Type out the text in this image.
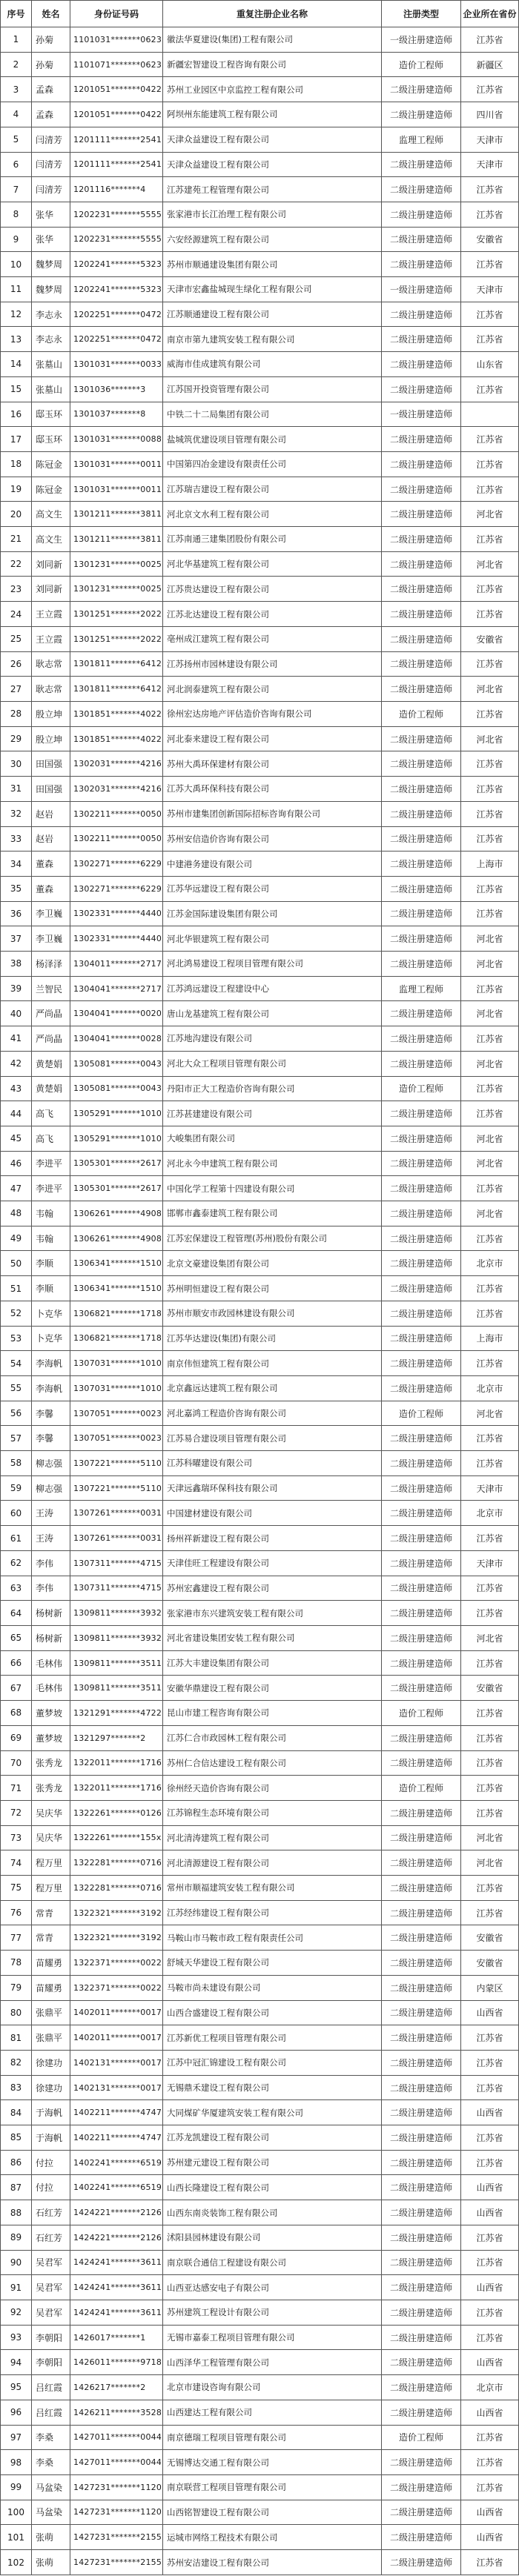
序号	姓名	身份证号码	重复注册企业名称	注册类型	企业所在省份
1	孙菊	1101031*******0623	徽法华夏建设(集团)工程有限公司	一级注册建造师	江苏省
2	孙菊	1101071*******0623	新疆宏智建设工程咨询有限公司	造价工程师	新疆区
3	孟森	1201051*******0422	苏州工业园区中京监控工程有限公司	二级注册建造师	江苏省
4	孟森	1201051*******0422	阿坝州东能建筑工程有限公司	二级注册建造师	四川省
5	闫清芳	1201111*******2541	天津众益建设工程有限公司	监理工程师	天津市
6	闫清芳	1201111*******2541	天津众益建设工程有限公司	二级注册建造师	天津市
7	闫清芳	1201116*******4	江苏建苑工程管理有限公司	二级注册建造师	江苏省
8	张华	1202231*******5555	张家港市长江治理工程有限公司	二级注册建造师	江苏省
9	张华	1202231*******5555	六安经源建筑工程有限公司	二级注册建造师	安徽省
10	魏梦周	1202241*******5323	苏州市顺通建设集团有限公司	二级注册建造师	江苏省
11	魏梦周	1202241*******5323	天津市宏鑫盐城现生绿化工程有限公司	一级注册建造师	天津市
12	李志永	1202251*******0472	江苏顺通建设工程有限公司	二级注册建造师	江苏省
13	李志永	1202251*******0472	南京市第九建筑安装工程有限公司	二级注册建造师	江苏省
14	张墓山	1301031*******0033	威海市佳成建筑有限公司	二级注册建造师	山东省
15	张墓山	1301036*******3	江苏国开投资管理有限公司	二级注册建造师	江苏省
16	邸玉环	1301037*******8	中铁二十二局集团有限公司	一级注册建造师	
17	邸玉环	1301031*******0088	盐城筑优建设项目管理有限公司	二级注册建造师	江苏省
18	陈冠金	1301031*******0011	中国第四冶金建设有限责任公司	二级注册建造师	江苏省
19	陈冠金	1301031*******0011	江苏瑞吉建设工程有限公司	二级注册建造师	江苏省
20	高文生	1301211*******3811	河北京文水利工程有限公司	二级注册建造师	河北省
21	高文生	1301211*******3811	江苏南通三建集团股份有限公司	二级注册建造师	江苏省
22	刘同新	1301231*******0025	河北华基建筑工程有限公司	二级注册建造师	河北省
23	刘同新	1301231*******0025	江苏贵达建设工程有限公司	二级注册建造师	江苏省
24	王立霞	1301251*******2022	江苏北达建设工程有限公司	二级注册建造师	江苏省
25	王立霞	1301251*******2022	亳州成江建筑工程有限公司	二级注册建造师	安徽省
26	耿志常	1301811*******6412	江苏扬州市园林建设有限公司	二级注册建造师	江苏省
27	耿志常	1301811*******6412	河北润泰建筑工程有限公司	二级注册建造师	河北省
28	殷立坤	1301851*******4022	徐州宏达房地产评估造价咨询有限公司	造价工程师	江苏省
29	殷立坤	1301851*******4022	河北泰来建设工程有限公司	二级注册建造师	河北省
30	田国强	1302031*******4216	苏州大禹环保建材有限公司	二级注册建造师	江苏省
31	田国强	1302031*******4216	江苏大禹环保科技有限公司	二级注册建造师	江苏省
32	赵岩	1302211*******0050	苏州市建集团创新国际招标咨询有限公司	二级注册建造师	江苏省
33	赵岩	1302211*******0050	苏州安信造价咨询有限公司	二级注册建造师	江苏省
34	董森	1302271*******6229	中建港务建设有限公司	二级注册建造师	上海市
35	董森	1302271*******6229	江苏华远建设工程有限公司	二级注册建造师	江苏省
36	李卫巍	1302331*******4440	江苏金国际建设集团有限公司	二级注册建造师	江苏省
37	李卫巍	1302331*******4440	河北华银建筑工程有限公司	二级注册建造师	河北省
38	杨泽泽	1304011*******2717	河北鸿易建设工程项目管理有限公司	二级注册建造师	河北省
39	兰智民	1304041*******2717	江苏鸿远建设工程建设中心	监理工程师	江苏省
40	严尚晶	1304041*******0020	唐山龙基建筑工程有限公司	二级注册建造师	河北省
41	严尚晶	1304041*******0028	江苏地沟建设有限公司	二级注册建造师	江苏省
42	黄楚娟	1305081*******0043	河北大众工程项目管理有限公司	二级注册建造师	河北省
43	黄楚娟	1305081*******0043	丹阳市正大工程造价咨询有限公司	造价工程师	江苏省
44	高飞	1305291*******1010	江苏甚建建设有限公司	二级注册建造师	江苏省
45	高飞	1305291*******1010	大峻集团有限公司	二级注册建造师	河北省
46	李进平	1305301*******2617	河北永今申建筑工程有限公司	二级注册建造师	河北省
47	李进平	1305301*******2617	中国化学工程第十四建设有限公司	二级注册建造师	江苏省
48	韦翰	1306261*******4908	邯郸市鑫泰建筑工程有限公司	二级注册建造师	河北省
49	韦翰	1306261*******4908	江苏宏保建设工程管理(苏州)股份有限公司	二级注册建造师	江苏省
50	李顺	1306341*******1510	北京文豪建设集团有限公司	二级注册建造师	北京市
51	李顺	1306341*******1510	苏州明恒建设工程有限公司	二级注册建造师	江苏省
52	卜克华	1306821*******1718	苏州市顺安市政园林建设有限公司	二级注册建造师	江苏省
53	卜克华	1306821*******1718	江苏华达建设(集团)有限公司	二级注册建造师	上海市
54	李海帆	1307031*******1010	南京伟恒建筑工程有限公司	二级注册建造师	江苏省
55	李海帆	1307031*******1010	北京鑫远达建筑工程有限公司	二级注册建造师	北京市
56	李馨	1307051*******0023	河北嘉鸿工程造价咨询有限公司	造价工程师	河北省
57	李馨	1307051*******0023	江苏易合建设项目管理有限公司	二级注册建造师	江苏省
58	柳志强	1307221*******5110	江苏科曜建设有限公司	二级注册建造师	江苏省
59	柳志强	1307221*******5110	天津远鑫瑞环保科技有限公司	二级注册建造师	天津市
60	王涛	1307261*******0031	中国建材建设有限公司	二级注册建造师	北京市
61	王涛	1307261*******0031	扬州祥新建设工程有限公司	二级注册建造师	江苏省
62	李伟	1307311*******4715	天津佳旺工程建设有限公司	二级注册建造师	天津市
63	李伟	1307311*******4715	苏州宏鑫建设工程有限公司	二级注册建造师	江苏省
64	杨树新	1309811*******3932	张家港市东兴建筑安装工程有限公司	二级注册建造师	江苏省
65	杨树新	1309811*******3932	河北省建设集团安装工程有限公司	二级注册建造师	河北省
66	毛林伟	1309811*******3511	江苏大丰建设集团有限公司	二级注册建造师	江苏省
67	毛林伟	1309811*******3511	安徽华鼎建设工程有限公司	二级注册建造师	安徽省
68	董梦坡	1321291*******4722	昆山市建工程咨询有限公司	造价工程师	江苏省
69	董梦坡	1321297*******2	江苏仁合市政园林工程有限公司	二级注册建造师	江苏省
70	张秀龙	1322011*******1716	苏州仁合信达建设工程有限公司	二级注册建造师	江苏省
71	张秀龙	1322011*******1716	徐州经天造价咨询有限公司	造价工程师	江苏省
72	吴庆华	1322261*******0126	江苏锦程生态环境有限公司	二级注册建造师	江苏省
73	吴庆华	1322261*******155x	河北清涛建筑工程有限公司	二级注册建造师	河北省
74	程万里	1322281*******0716	河北清源建设工程有限公司	二级注册建造师	河北省
75	程万里	1322281*******0716	常州市顺福建筑安装工程有限公司	二级注册建造师	江苏省
76	常青	1322321*******3192	江苏经纬建设工程有限公司	二级注册建造师	江苏省
77	常青	1322321*******3192	马鞍山市马鞍市政工程有限责任公司	二级注册建造师	安徽省
78	苗耀勇	1322371*******0022	舒城天华建设工程有限公司	二级注册建造师	安徽省
79	苗耀勇	1322371*******0022	马鞍市尚未建设有限公司	二级注册建造师	内蒙区
80	张鼎平	1402011*******0017	山西合盛建设工程有限公司	二级注册建造师	山西省
81	张鼎平	1402011*******0017	江苏新优工程项目管理有限公司	二级注册建造师	江苏省
82	徐建功	1402131*******0017	江苏中冠汇锦建设工程有限公司	二级注册建造师	江苏省
83	徐建功	1402131*******0017	无锡鼎禾建设工程有限公司	二级注册建造师	江苏省
84	于海帆	1402211*******4747	大同煤矿华厦建筑安装工程有限公司	二级注册建造师	山西省
85	于海帆	1402211*******4747	江苏龙凯建设工程有限公司	二级注册建造师	江苏省
86	付拉	1402241*******6519	苏州建元建设工程有限公司	二级注册建造师	江苏省
87	付拉	1402241*******6519	山西长隆建设工程有限公司	二级注册建造师	山西省
88	石红芳	1424221*******2126	山西东南炎装饰工程有限公司	二级注册建造师	山西省
89	石红芳	1424221*******2126	沭阳县园林建设有限公司	二级注册建造师	江苏省
90	吴君军	1424241*******3611	南京联合通信工程建设有限公司	二级注册建造师	江苏省
91	吴君军	1424241*******3611	山西亚达感安电子有限公司	二级注册建造师	山西省
92	吴君军	1424241*******3611	苏州建筑工程设计有限公司	二级注册建造师	江苏省
93	李朝阳	1426017*******1	无锡市嘉泰工程项目管理有限公司	二级注册建造师	江苏省
94	李朝阳	1426011*******9718	山西泽华工程管理有限公司	二级注册建造师	山西省
95	吕红霞	1426217*******2	北京市建设咨询有限公司	二级注册建造师	北京市
96	吕红霞	1426211*******3528	山西建达工程有限公司	二级注册建造师	山西省
97	李桑	1427011*******0044	南京德瑞工程项目管理有限公司	造价工程师	江苏省
98	李桑	1427011*******0044	无锡博达交通工程有限公司	二级注册建造师	江苏省
99	马盆染	1427231*******1120	南京联营工程项目管理有限公司	二级注册建造师	江苏省
100	马盆染	1427231*******1120	山西铭智建设工程有限公司	二级注册建造师	山西省
101	张萌	1427231*******2155	运城市网络工程技术有限公司	二级注册建造师	山西省
102	张萌	1427231*******2155	苏州安洁建设工程有限公司	二级注册建造师	江苏省
